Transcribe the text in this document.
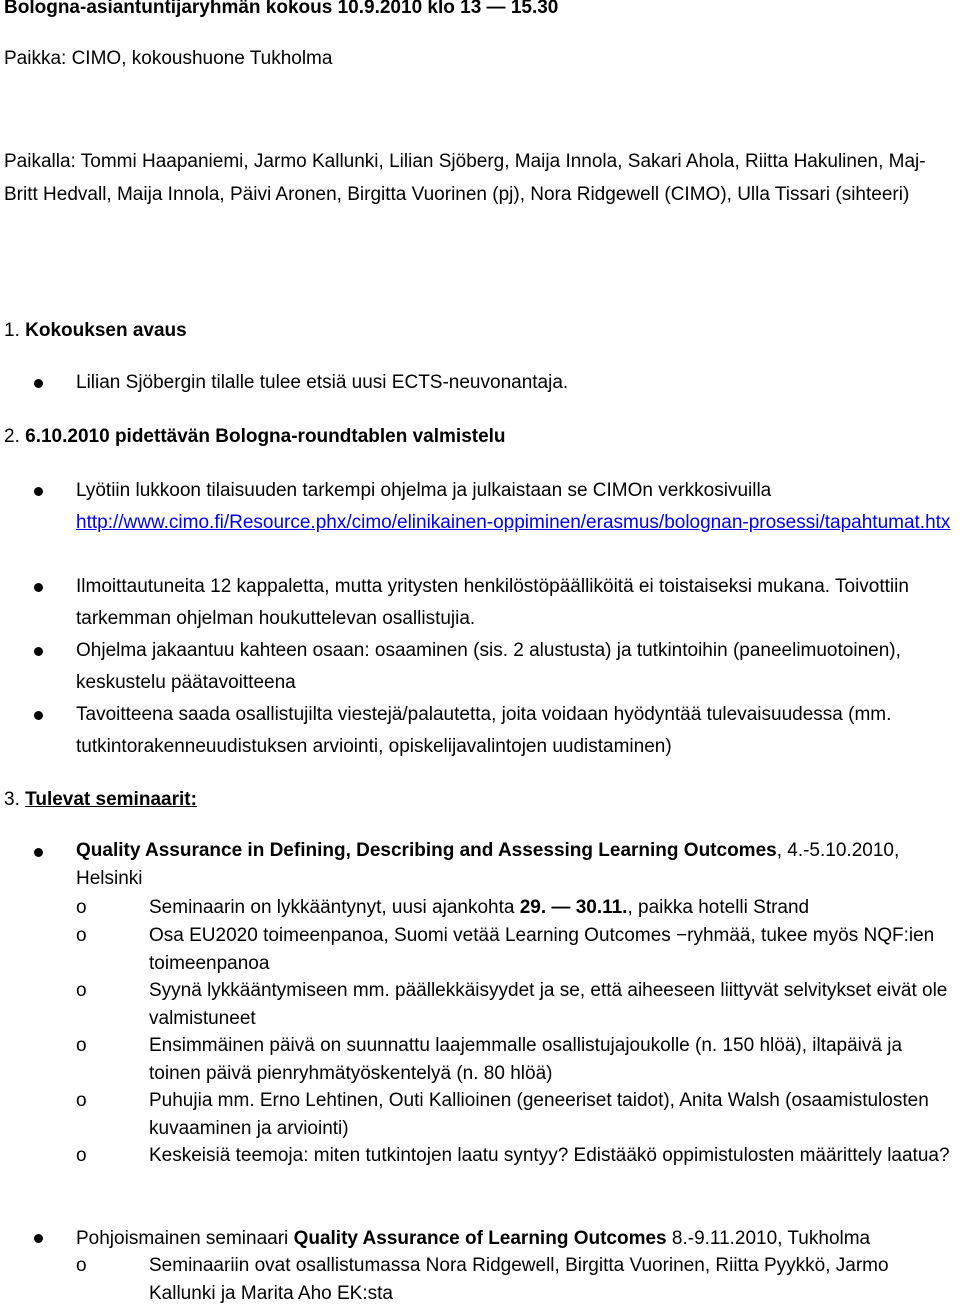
Bologna-asiantuntijaryhmän kokous 10.9.2010 klo 13 — 15.30
Paikka: CIMO, kokoushuone Tukholma
Paikalla: Tommi Haapaniemi, Jarmo Kallunki, Lilian Sjöberg, Maija Innola, Sakari Ahola, Riitta Hakulinen, Maj-Britt Hedvall, Maija Innola, Päivi Aronen, Birgitta Vuorinen (pj), Nora Ridgewell (CIMO), Ulla Tissari (sihteeri)
1. Kokouksen avaus
Lilian Sjöbergin tilalle tulee etsiä uusi ECTS-neuvonantaja.
2. 6.10.2010 pidettävän Bologna-roundtablen valmistelu
Lyötiin lukkoon tilaisuuden tarkempi ohjelma ja julkaistaan se CIMOn verkkosivuilla http://www.cimo.fi/Resource.phx/cimo/elinikainen-oppiminen/erasmus/bolognan-prosessi/tapahtumat.htx
Ilmoittautuneita 12 kappaletta, mutta yritysten henkilöstöpäälliköitä ei toistaiseksi mukana. Toivottiin tarkemman ohjelman houkuttelevan osallistujia.
Ohjelma jakaantuu kahteen osaan: osaaminen (sis. 2 alustusta) ja tutkintoihin (paneelimuotoinen), keskustelu päätavoitteena
Tavoitteena saada osallistujilta viestejä/palautetta, joita voidaan hyödyntää tulevaisuudessa (mm. tutkintorakenneuudistuksen arviointi, opiskelijavalintojen uudistaminen)
3. Tulevat seminaarit:
Quality Assurance in Defining, Describing and Assessing Learning Outcomes, 4.-5.10.2010, Helsinki
o	Seminaarin on lykkääntynyt, uusi ajankohta 29. — 30.11., paikka hotelli Strand
o	Osa EU2020 toimeenpanoa, Suomi vetää Learning Outcomes −ryhmää, tukee myös NQF:ien toimeenpanoa
o	Syynä lykkääntymiseen mm. päällekkäisyydet ja se, että aiheeseen liittyvät selvitykset eivät ole valmistuneet
o	Ensimmäinen päivä on suunnattu laajemmalle osallistujajoukolle (n. 150 hlöä), iltapäivä ja toinen päivä pienryhmätyöskentelyä (n. 80 hlöä)
o	Puhujia mm. Erno Lehtinen, Outi Kallioinen (geneeriset taidot), Anita Walsh (osaamistulosten kuvaaminen ja arviointi)
o	Keskeisiä teemoja: miten tutkintojen laatu syntyy? Edistääkö oppimistulosten määrittely laatua?
Pohjoismainen seminaari Quality Assurance of Learning Outcomes 8.-9.11.2010, Tukholma
o	Seminaariin ovat osallistumassa Nora Ridgewell, Birgitta Vuorinen, Riitta Pyykkö, Jarmo Kallunki ja Marita Aho EK:sta
